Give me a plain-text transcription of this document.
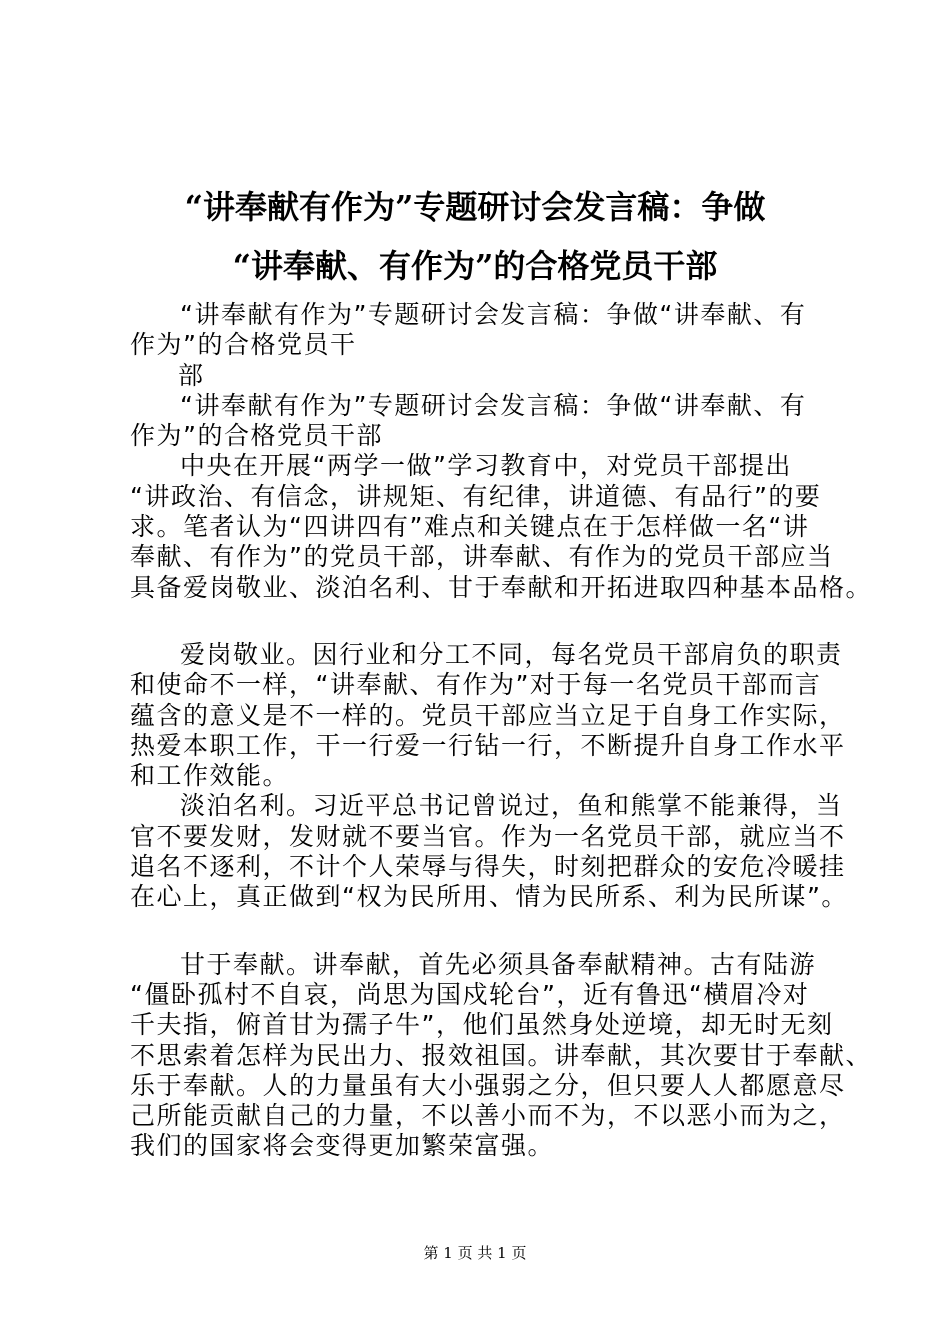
“讲奉献有作为”专题研讨会发言稿：争做
“讲奉献、有作为”的合格党员干部
“讲奉献有作为”专题研讨会发言稿：争做“讲奉献、有
作为”的合格党员干
部
“讲奉献有作为”专题研讨会发言稿：争做“讲奉献、有
作为”的合格党员干部
中央在开展“两学一做”学习教育中，对党员干部提出
“讲政治、有信念，讲规矩、有纪律，讲道德、有品行”的要
求。笔者认为“四讲四有”难点和关键点在于怎样做一名“讲
奉献、有作为”的党员干部，讲奉献、有作为的党员干部应当
具备爱岗敬业、淡泊名利、甘于奉献和开拓进取四种基本品格。
爱岗敬业。因行业和分工不同，每名党员干部肩负的职责
和使命不一样，“讲奉献、有作为”对于每一名党员干部而言
蕴含的意义是不一样的。党员干部应当立足于自身工作实际，
热爱本职工作，干一行爱一行钻一行，不断提升自身工作水平
和工作效能。
淡泊名利。习近平总书记曾说过，鱼和熊掌不能兼得，当
官不要发财，发财就不要当官。作为一名党员干部，就应当不
追名不逐利，不计个人荣辱与得失，时刻把群众的安危冷暖挂
在心上，真正做到“权为民所用、情为民所系、利为民所谋”。
甘于奉献。讲奉献，首先必须具备奉献精神。古有陆游
“僵卧孤村不自哀，尚思为国戍轮台”，近有鲁迅“横眉冷对
千夫指，俯首甘为孺子牛”，他们虽然身处逆境，却无时无刻
不思索着怎样为民出力、报效祖国。讲奉献，其次要甘于奉献、
乐于奉献。人的力量虽有大小强弱之分，但只要人人都愿意尽
己所能贡献自己的力量，不以善小而不为，不以恶小而为之，
我们的国家将会变得更加繁荣富强。
第 1 页 共 1 页
